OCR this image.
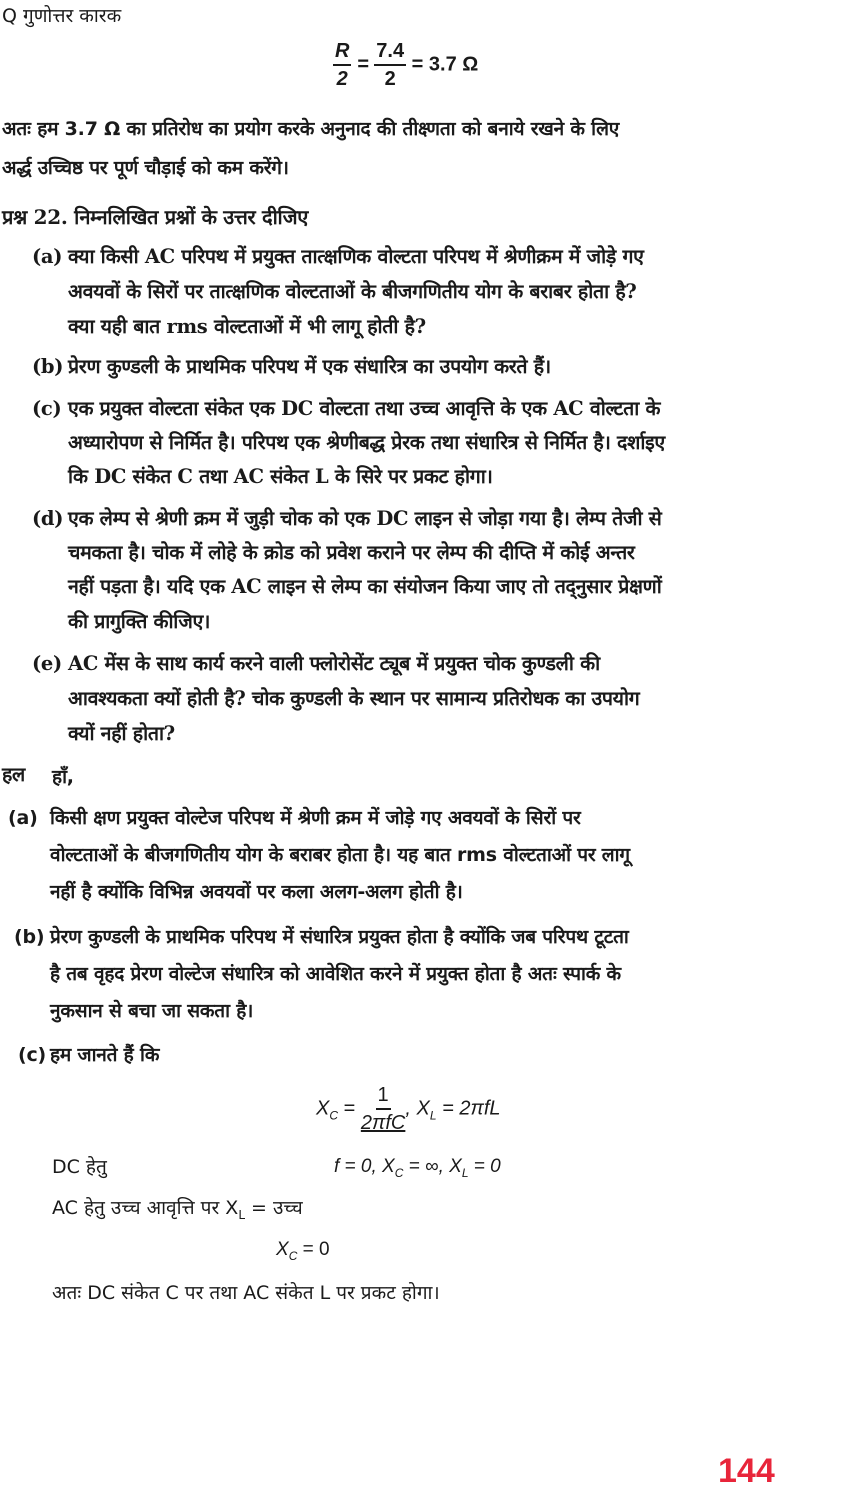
Q गुणोत्तर कारक
$\frac{R}{2} = \frac{7.4}{2} = 3.7$ Ω
अतः हम 3.7 Ω का प्रतिरोध का प्रयोग करके अनुनाद की तीक्ष्णता को बनाये रखने के लिए
अर्द्ध उच्चिष्ठ पर पूर्ण चौड़ाई को कम करेंगे।
प्रश्न 22. निम्नलिखित प्रश्नों के उत्तर दीजिए
(a) क्या किसी AC परिपथ में प्रयुक्त तात्क्षणिक वोल्टता परिपथ में श्रेणीक्रम में जोड़े गए
अवयवों के सिरों पर तात्क्षणिक वोल्टताओं के बीजगणितीय योग के बराबर होता है?
क्या यही बात rms वोल्टताओं में भी लागू होती है?
(b) प्रेरण कुण्डली के प्राथमिक परिपथ में एक संधारित्र का उपयोग करते हैं।
(c) एक प्रयुक्त वोल्टता संकेत एक DC वोल्टता तथा उच्च आवृत्ति के एक AC वोल्टता के
अध्यारोपण से निर्मित है। परिपथ एक श्रेणीबद्ध प्रेरक तथा संधारित्र से निर्मित है। दर्शाइए
कि DC संकेत C तथा AC संकेत L के सिरे पर प्रकट होगा।
(d) एक लेम्प से श्रेणी क्रम में जुड़ी चोक को एक DC लाइन से जोड़ा गया है। लेम्प तेजी से
चमकता है। चोक में लोहे के क्रोड को प्रवेश कराने पर लेम्प की दीप्ति में कोई अन्तर
नहीं पड़ता है। यदि एक AC लाइन से लेम्प का संयोजन किया जाए तो तद्नुसार प्रेक्षणों
की प्रागुक्ति कीजिए।
(e) AC मेंस के साथ कार्य करने वाली फ्लोरोसेंट ट्यूब में प्रयुक्त चोक कुण्डली की
आवश्यकता क्यों होती है? चोक कुण्डली के स्थान पर सामान्य प्रतिरोधक का उपयोग
क्यों नहीं होता?
हल हाँ,
(a) किसी क्षण प्रयुक्त वोल्टेज परिपथ में श्रेणी क्रम में जोड़े गए अवयवों के सिरों पर
वोल्टताओं के बीजगणितीय योग के बराबर होता है। यह बात rms वोल्टताओं पर लागू
नहीं है क्योंकि विभिन्न अवयवों पर कला अलग-अलग होती है।
(b) प्रेरण कुण्डली के प्राथमिक परिपथ में संधारित्र प्रयुक्त होता है क्योंकि जब परिपथ टूटता
है तब वृहद प्रेरण वोल्टेज संधारित्र को आवेशित करने में प्रयुक्त होता है अतः स्पार्क के
नुकसान से बचा जा सकता है।
(c) हम जानते हैं कि
$X_C = \frac{1}{\text{2πfC}}$ , $X_L = 2\pi fL$
DC हेतु	f = 0, $X_C$ = ∞, $X_L = 0$
AC हेतु उच्च आवृत्ति पर $X_L$ = उच्च
$X_C = 0$
अतः DC संकेत C पर तथा AC संकेत L पर प्रकट होगा।
144
